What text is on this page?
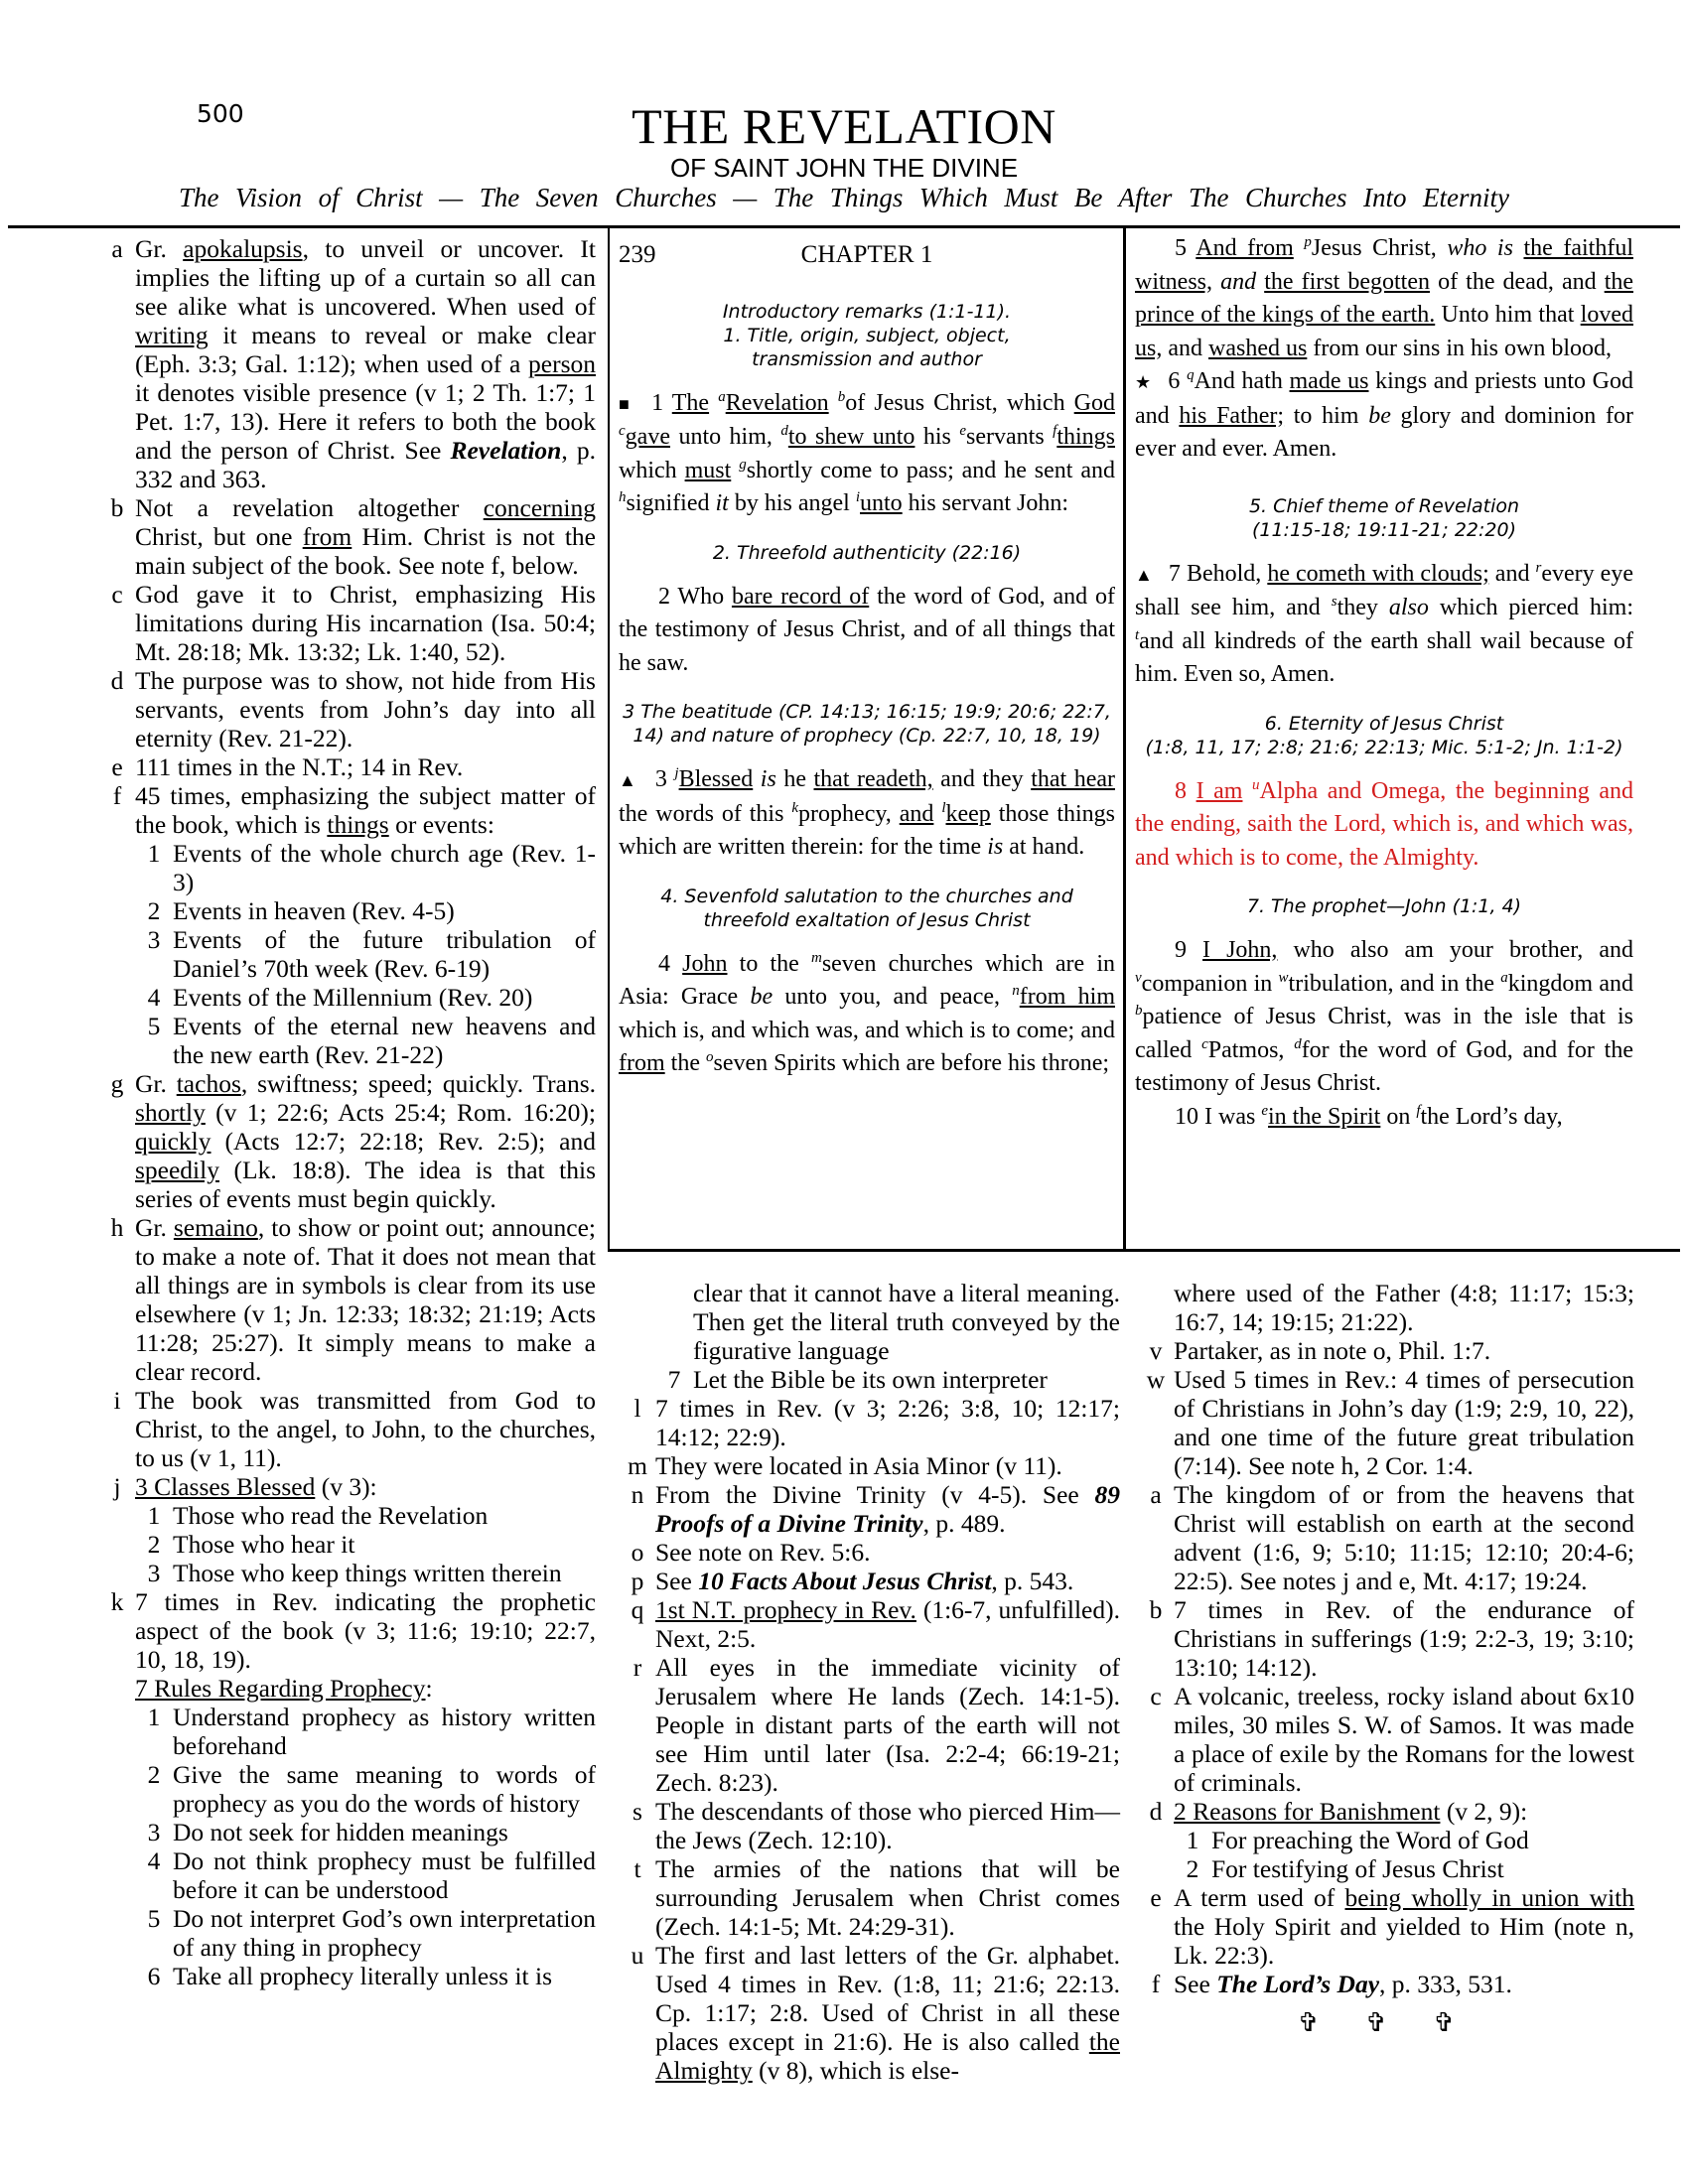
500	THE REVELATION
OF SAINT JOHN THE DIVINE
The Vision of Christ — The Seven Churches — The Things Which Must Be After The Churches Into Eternity
a Gr. apokalupsis, to unveil or uncover. It implies the lifting up of a curtain so all can see alike what is uncovered. When used of writing it means to reveal or make clear (Eph. 3:3; Gal. 1:12); when used of a person it denotes visible presence (v 1; 2 Th. 1:7; 1 Pet. 1:7, 13). Here it refers to both the book and the person of Christ. See Revelation, p. 332 and 363.
b Not a revelation altogether concerning Christ, but one from Him. Christ is not the main subject of the book. See note f, below.
c God gave it to Christ, emphasizing His limitations during His incarnation (Isa. 50:4; Mt. 28:18; Mk. 13:32; Lk. 1:40, 52).
d The purpose was to show, not hide from His servants, events from John’s day into all eternity (Rev. 21-22).
e 111 times in the N.T.; 14 in Rev.
f 45 times, emphasizing the subject matter of the book, which is things or events:
1 Events of the whole church age (Rev. 1-3)
2 Events in heaven (Rev. 4-5)
3 Events of the future tribulation of Daniel’s 70th week (Rev. 6-19)
4 Events of the Millennium (Rev. 20)
5 Events of the eternal new heavens and the new earth (Rev. 21-22)
g Gr. tachos, swiftness; speed; quickly. Trans. shortly (v 1; 22:6; Acts 25:4; Rom. 16:20); quickly (Acts 12:7; 22:18; Rev. 2:5); and speedily (Lk. 18:8). The idea is that this series of events must begin quickly.
h Gr. semaino, to show or point out; announce; to make a note of. That it does not mean that all things are in symbols is clear from its use elsewhere (v 1; Jn. 12:33; 18:32; 21:19; Acts 11:28; 25:27). It simply means to make a clear record.
i The book was transmitted from God to Christ, to the angel, to John, to the churches, to us (v 1, 11).
j 3 Classes Blessed (v 3):
1 Those who read the Revelation
2 Those who hear it
3 Those who keep things written therein
k 7 times in Rev. indicating the prophetic aspect of the book (v 3; 11:6; 19:10; 22:7, 10, 18, 19).
7 Rules Regarding Prophecy:
1 Understand prophecy as history written beforehand
2 Give the same meaning to words of prophecy as you do the words of history
3 Do not seek for hidden meanings
4 Do not think prophecy must be fulfilled before it can be understood
5 Do not interpret God’s own interpretation of any thing in prophecy
6 Take all prophecy literally unless it is
239	CHAPTER 1
Introductory remarks (1:1-11).
1. Title, origin, subject, object,
transmission and author

■ 1 The $^a$Revelation $^b$of Jesus Christ, which God $^c$gave unto him, $^d$to shew unto his $^e$servants $^f$things which must $^g$shortly come to pass; and he sent and $^h$signified it by his angel $^i$unto his servant John:

2. Threefold authenticity (22:16)

2 Who bare record of the word of God, and of the testimony of Jesus Christ, and of all things that he saw.

3 The beatitude (CP. 14:13; 16:15; 19:9; 20:6; 22:7,
14) and nature of prophecy (Cp. 22:7, 10, 18, 19)

▲ 3 $^j$Blessed is he that readeth, and they that hear the words of this $^k$prophecy, and $^l$keep those things which are written therein: for the time is at hand.

4. Sevenfold salutation to the churches and
threefold exaltation of Jesus Christ

4 John to the $^m$seven churches which are in Asia: Grace be unto you, and peace, $^n$from him which is, and which was, and which is to come; and from the $^o$seven Spirits which are before his throne;

5 And from $^p$Jesus Christ, who is the faithful witness, and the first begotten of the dead, and the prince of the kings of the earth. Unto him that loved us, and washed us from our sins in his own blood,

★ 6 $^q$And hath made us kings and priests unto God and his Father; to him be glory and dominion for ever and ever. Amen.

5. Chief theme of Revelation
(11:15-18; 19:11-21; 22:20)

▲ 7 Behold, he cometh with clouds; and $^r$every eye shall see him, and $^s$they also which pierced him: $^t$and all kindreds of the earth shall wail because of him. Even so, Amen.

6. Eternity of Jesus Christ
(1:8, 11, 17; 2:8; 21:6; 22:13; Mic. 5:1-2; Jn. 1:1-2)

8 I am $^u$Alpha and Omega, the beginning and the ending, saith the Lord, which is, and which was, and which is to come, the Almighty.

7. The prophet—John (1:1, 4)

9 I John, who also am your brother, and $^v$companion in $^w$tribulation, and in the $^a$kingdom and $^b$patience of Jesus Christ, was in the isle that is called $^c$Patmos, $^d$for the word of God, and for the testimony of Jesus Christ.

10 I was $^e$in the Spirit on $^f$the Lord’s day,

clear that it cannot have a literal meaning. Then get the literal truth conveyed by the figurative language
7 Let the Bible be its own interpreter
l 7 times in Rev. (v 3; 2:26; 3:8, 10; 12:17; 14:12; 22:9).
m They were located in Asia Minor (v 11).
n From the Divine Trinity (v 4-5). See 89 Proofs of a Divine Trinity, p. 489.
o See note on Rev. 5:6.
p See 10 Facts About Jesus Christ, p. 543.
q 1st N.T. prophecy in Rev. (1:6-7, unfulfilled). Next, 2:5.
r All eyes in the immediate vicinity of Jerusalem where He lands (Zech. 14:1-5). People in distant parts of the earth will not see Him until later (Isa. 2:2-4; 66:19-21; Zech. 8:23).
s The descendants of those who pierced Him—the Jews (Zech. 12:10).
t The armies of the nations that will be surrounding Jerusalem when Christ comes (Zech. 14:1-5; Mt. 24:29-31).
u The first and last letters of the Gr. alphabet. Used 4 times in Rev. (1:8, 11; 21:6; 22:13. Cp. 1:17; 2:8. Used of Christ in all these places except in 21:6). He is also called the Almighty (v 8), which is else-
where used of the Father (4:8; 11:17; 15:3; 16:7, 14; 19:15; 21:22).
v Partaker, as in note o, Phil. 1:7.
w Used 5 times in Rev.: 4 times of persecution of Christians in John’s day (1:9; 2:9, 10, 22), and one time of the future great tribulation (7:14). See note h, 2 Cor. 1:4.
a The kingdom of or from the heavens that Christ will establish on earth at the second advent (1:6, 9; 5:10; 11:15; 12:10; 20:4-6; 22:5). See notes j and e, Mt. 4:17; 19:24.
b 7 times in Rev. of the endurance of Christians in sufferings (1:9; 2:2-3, 19; 3:10; 13:10; 14:12).
c A volcanic, treeless, rocky island about 6x10 miles, 30 miles S. W. of Samos. It was made a place of exile by the Romans for the lowest of criminals.
d 2 Reasons for Banishment (v 2, 9):
1 For preaching the Word of God
2 For testifying of Jesus Christ
e A term used of being wholly in union with the Holy Spirit and yielded to Him (note n, Lk. 22:3).
f See The Lord’s Day, p. 333, 531.
✞ ✞ ✞
